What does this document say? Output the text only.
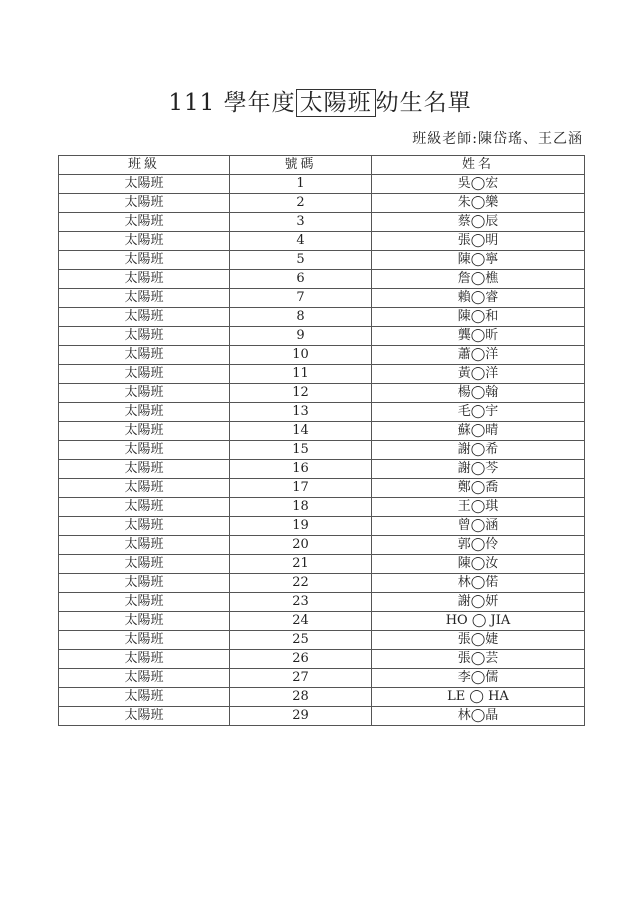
111 學年度 太陽班 幼生名單
班級老師:陳岱瑤、王乙涵
班級	號碼	姓名
太陽班	1	吳◯宏
太陽班	2	朱◯樂
太陽班	3	蔡◯辰
太陽班	4	張◯明
太陽班	5	陳◯寧
太陽班	6	詹◯樵
太陽班	7	賴◯睿
太陽班	8	陳◯和
太陽班	9	龔◯昕
太陽班	10	蕭◯洋
太陽班	11	黃◯洋
太陽班	12	楊◯翰
太陽班	13	毛◯宇
太陽班	14	蘇◯晴
太陽班	15	謝◯希
太陽班	16	謝◯芩
太陽班	17	鄭◯喬
太陽班	18	王◯琪
太陽班	19	曾◯涵
太陽班	20	郭◯伶
太陽班	21	陳◯汝
太陽班	22	林◯偌
太陽班	23	謝◯妍
太陽班	24	HO ◯ JIA
太陽班	25	張◯婕
太陽班	26	張◯芸
太陽班	27	李◯儒
太陽班	28	LE ◯ HA
太陽班	29	林◯晶
